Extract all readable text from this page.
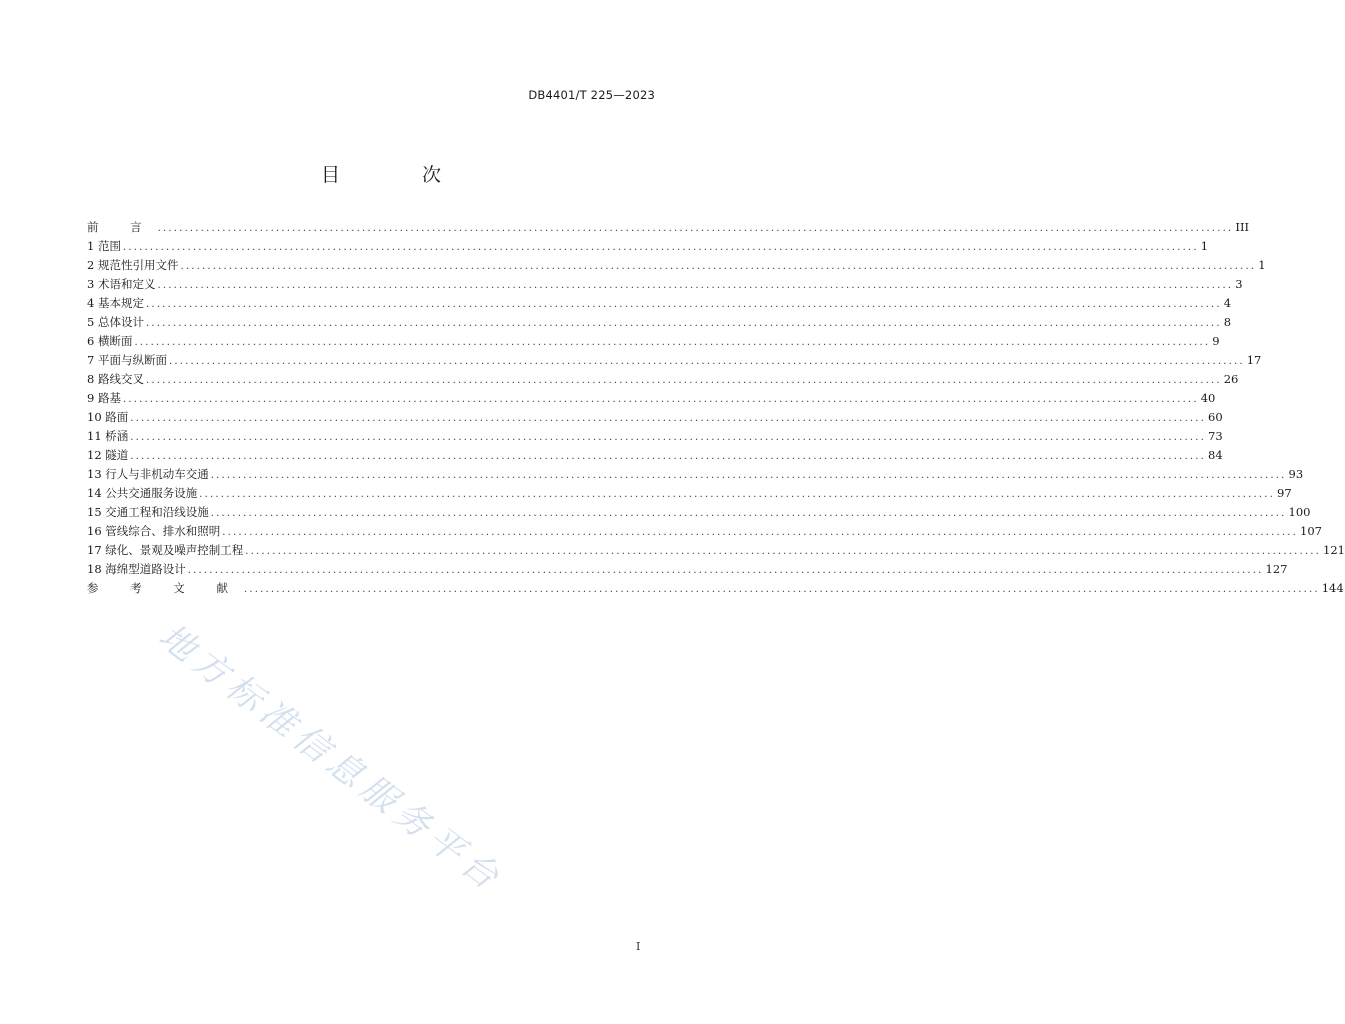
DB4401/T 225—2023
目 次
前 言 ........................................................................................................................................................................................................ III
1 范围 ........................................................................................................................................................................................................ 1
2 规范性引用文件 ........................................................................................................................................................................................................ 1
3 术语和定义 ........................................................................................................................................................................................................ 3
4 基本规定 ........................................................................................................................................................................................................ 4
5 总体设计 ........................................................................................................................................................................................................ 8
6 横断面 ........................................................................................................................................................................................................ 9
7 平面与纵断面 ........................................................................................................................................................................................................ 17
8 路线交叉 ........................................................................................................................................................................................................ 26
9 路基 ........................................................................................................................................................................................................ 40
10 路面 ........................................................................................................................................................................................................ 60
11 桥涵 ........................................................................................................................................................................................................ 73
12 隧道 ........................................................................................................................................................................................................ 84
13 行人与非机动车交通 ........................................................................................................................................................................................................ 93
14 公共交通服务设施 ........................................................................................................................................................................................................ 97
15 交通工程和沿线设施 ........................................................................................................................................................................................................ 100
16 管线综合、排水和照明 ........................................................................................................................................................................................................ 107
17 绿化、景观及噪声控制工程 ........................................................................................................................................................................................................ 121
18 海绵型道路设计 ........................................................................................................................................................................................................ 127
参 考 文 献 ........................................................................................................................................................................................................ 144
地方标准信息服务平台
I
